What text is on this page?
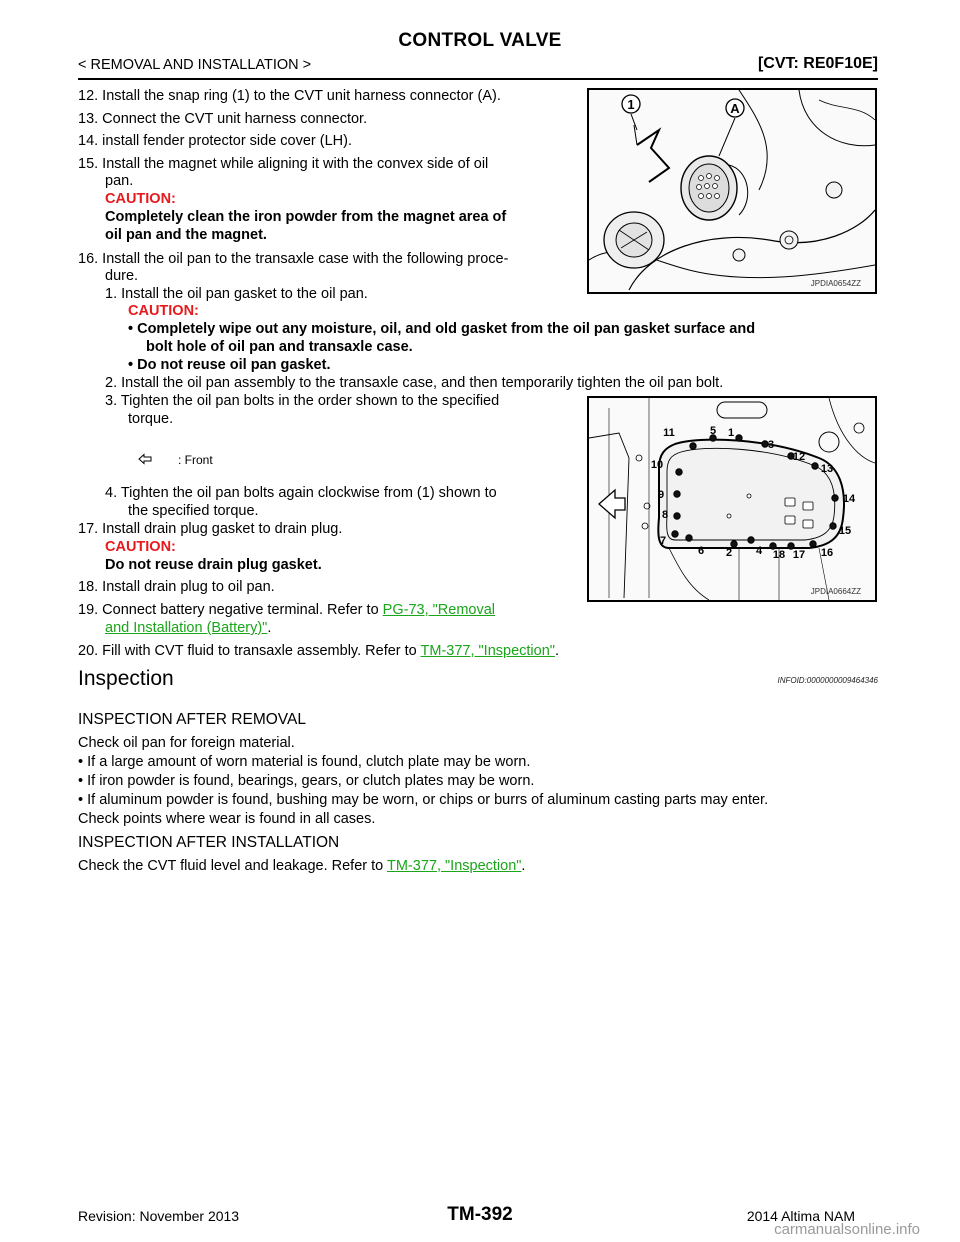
CONTROL VALVE
< REMOVAL AND INSTALLATION >	[CVT: RE0F10E]
12. Install the snap ring (1) to the CVT unit harness connector (A).
13. Connect the CVT unit harness connector.
14. install fender protector side cover (LH).
15. Install the magnet while aligning it with the convex side of oil
pan.
CAUTION:
Completely clean the iron powder from the magnet area of
oil pan and the magnet.
16. Install the oil pan to the transaxle case with the following proce-
dure.
1. Install the oil pan gasket to the oil pan.
CAUTION:
• Completely wipe out any moisture, oil, and old gasket from the oil pan gasket surface and
bolt hole of oil pan and transaxle case.
• Do not reuse oil pan gasket.
2. Install the oil pan assembly to the transaxle case, and then temporarily tighten the oil pan bolt.
3. Tighten the oil pan bolts in the order shown to the specified
torque.
: Front
4. Tighten the oil pan bolts again clockwise from (1) shown to
the specified torque.
17. Install drain plug gasket to drain plug.
CAUTION:
Do not reuse drain plug gasket.
18. Install drain plug to oil pan.
19. Connect battery negative terminal. Refer to PG-73, "Removal
and Installation (Battery)".
20. Fill with CVT fluid to transaxle assembly. Refer to TM-377, "Inspection".
1	A
JPDIA0654ZZ
1
2
3
4
5
6
7
8
9
10
11
12
13
14
15
16
17
18
JPDIA0664ZZ
Inspection	INFOID:0000000009464346
INSPECTION AFTER REMOVAL
Check oil pan for foreign material.
• If a large amount of worn material is found, clutch plate may be worn.
• If iron powder is found, bearings, gears, or clutch plates may be worn.
• If aluminum powder is found, bushing may be worn, or chips or burrs of aluminum casting parts may enter.
Check points where wear is found in all cases.
INSPECTION AFTER INSTALLATION
Check the CVT fluid level and leakage. Refer to TM-377, "Inspection".
Revision: November 2013	TM-392	2014 Altima NAM
carmanualsonline.info
